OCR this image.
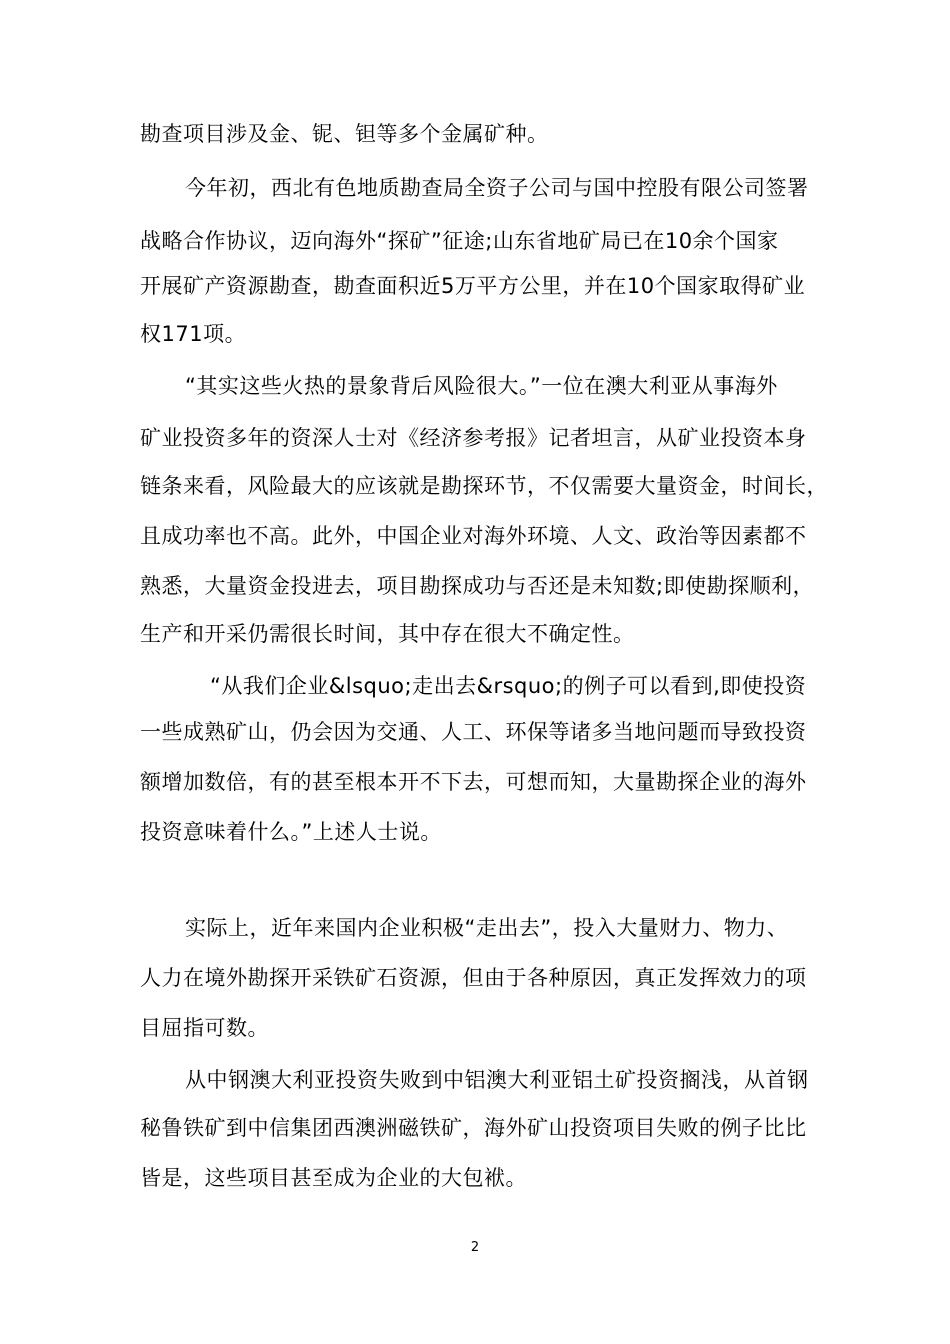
勘查项目涉及金、铌、钽等多个金属矿种。
今年初，西北有色地质勘查局全资子公司与国中控股有限公司签署
战略合作协议，迈向海外“探矿”征途;山东省地矿局已在10余个国家
开展矿产资源勘查，勘查面积近5万平方公里，并在10个国家取得矿业
权171项。
“其实这些火热的景象背后风险很大。”一位在澳大利亚从事海外
矿业投资多年的资深人士对《经济参考报》记者坦言，从矿业投资本身
链条来看，风险最大的应该就是勘探环节，不仅需要大量资金，时间长，
且成功率也不高。此外，中国企业对海外环境、人文、政治等因素都不
熟悉，大量资金投进去，项目勘探成功与否还是未知数;即使勘探顺利，
生产和开采仍需很长时间，其中存在很大不确定性。
“从我们企业&lsquo;走出去&rsquo;的例子可以看到,即使投资
一些成熟矿山，仍会因为交通、人工、环保等诸多当地问题而导致投资
额增加数倍，有的甚至根本开不下去，可想而知，大量勘探企业的海外
投资意味着什么。”上述人士说。
实际上，近年来国内企业积极“走出去”，投入大量财力、物力、
人力在境外勘探开采铁矿石资源，但由于各种原因，真正发挥效力的项
目屈指可数。
从中钢澳大利亚投资失败到中铝澳大利亚铝土矿投资搁浅，从首钢
秘鲁铁矿到中信集团西澳洲磁铁矿，海外矿山投资项目失败的例子比比
皆是，这些项目甚至成为企业的大包袱。
2
